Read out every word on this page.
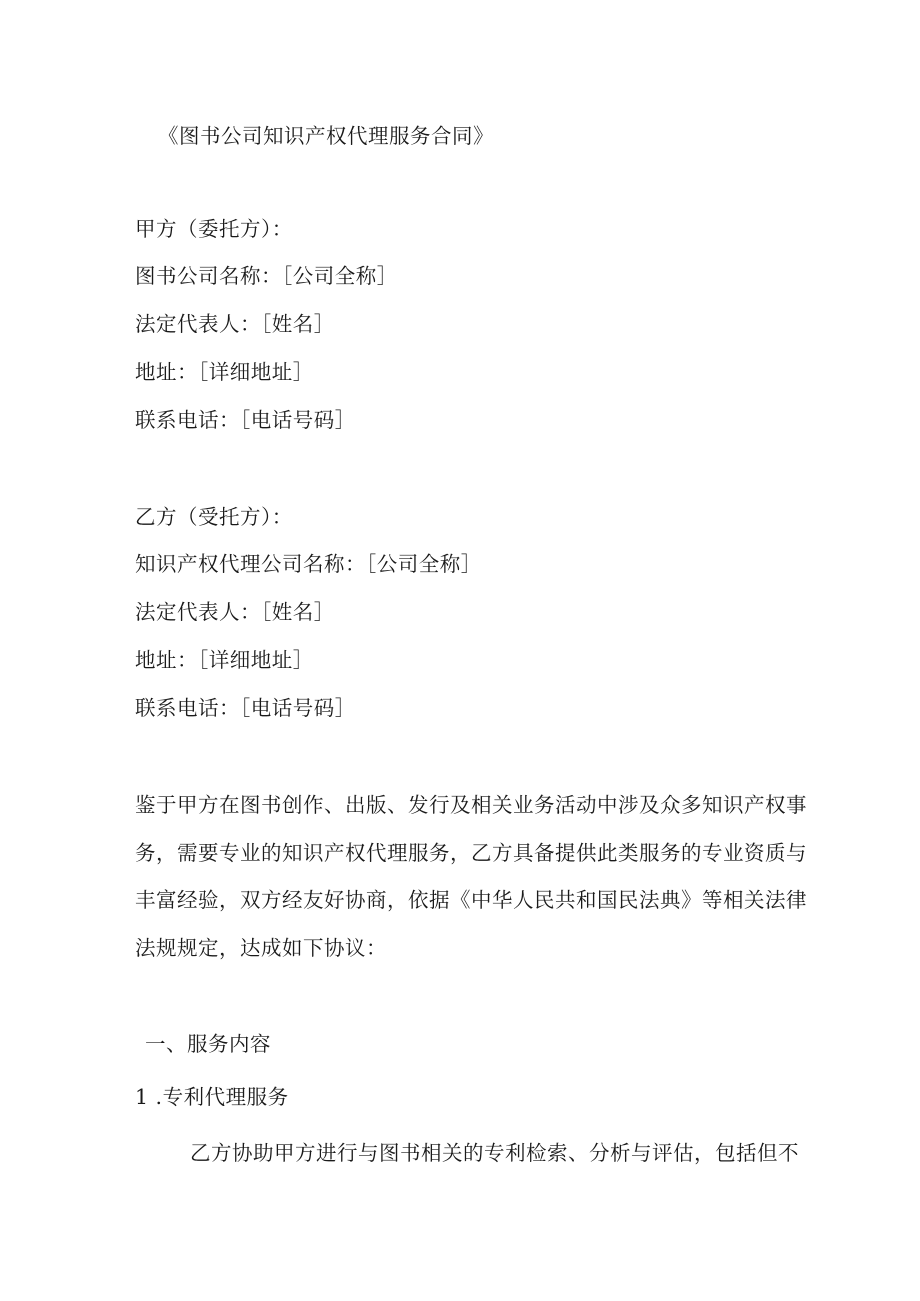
《图书公司知识产权代理服务合同》
甲方（委托方）：
图书公司名称：［公司全称］
法定代表人：［姓名］
地址：［详细地址］
联系电话：［电话号码］
乙方（受托方）：
知识产权代理公司名称：［公司全称］
法定代表人：［姓名］
地址：［详细地址］
联系电话：［电话号码］
鉴于甲方在图书创作、出版、发行及相关业务活动中涉及众多知识产权事
务，需要专业的知识产权代理服务，乙方具备提供此类服务的专业资质与
丰富经验，双方经友好协商，依据《中华人民共和国民法典》等相关法律
法规规定，达成如下协议：
一、服务内容
1 .专利代理服务
乙方协助甲方进行与图书相关的专利检索、分析与评估，包括但不
